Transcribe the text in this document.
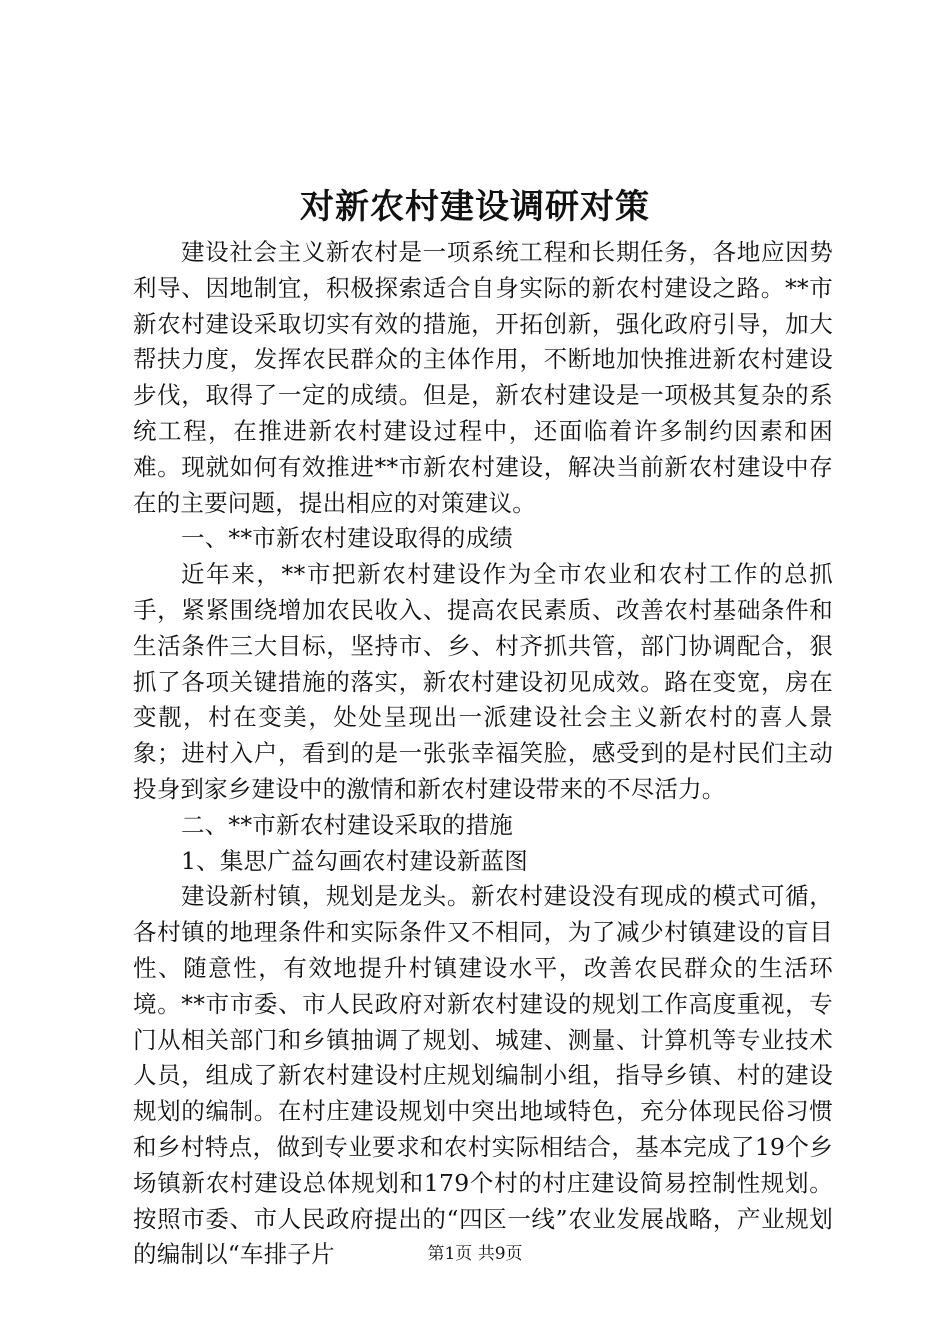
对新农村建设调研对策

建设社会主义新农村是一项系统工程和长期任务，各地应因势利导、因地制宜，积极探索适合自身实际的新农村建设之路。**市新农村建设采取切实有效的措施，开拓创新，强化政府引导，加大帮扶力度，发挥农民群众的主体作用，不断地加快推进新农村建设步伐，取得了一定的成绩。但是，新农村建设是一项极其复杂的系统工程，在推进新农村建设过程中，还面临着许多制约因素和困难。现就如何有效推进**市新农村建设，解决当前新农村建设中存在的主要问题，提出相应的对策建议。

一、**市新农村建设取得的成绩

近年来，**市把新农村建设作为全市农业和农村工作的总抓手，紧紧围绕增加农民收入、提高农民素质、改善农村基础条件和生活条件三大目标，坚持市、乡、村齐抓共管，部门协调配合，狠抓了各项关键措施的落实，新农村建设初见成效。路在变宽，房在变靓，村在变美，处处呈现出一派建设社会主义新农村的喜人景象；进村入户，看到的是一张张幸福笑脸，感受到的是村民们主动投身到家乡建设中的激情和新农村建设带来的不尽活力。

二、**市新农村建设采取的措施

1、集思广益勾画农村建设新蓝图

建设新村镇，规划是龙头。新农村建设没有现成的模式可循，各村镇的地理条件和实际条件又不相同，为了减少村镇建设的盲目性、随意性，有效地提升村镇建设水平，改善农民群众的生活环境。**市市委、市人民政府对新农村建设的规划工作高度重视，专门从相关部门和乡镇抽调了规划、城建、测量、计算机等专业技术人员，组成了新农村建设村庄规划编制小组，指导乡镇、村的建设规划的编制。在村庄建设规划中突出地域特色，充分体现民俗习惯和乡村特点，做到专业要求和农村实际相结合，基本完成了19个乡场镇新农村建设总体规划和179个村的村庄建设简易控制性规划。按照市委、市人民政府提出的“四区一线”农业发展战略，产业规划的编制以“车排子片	第1页 共9页
